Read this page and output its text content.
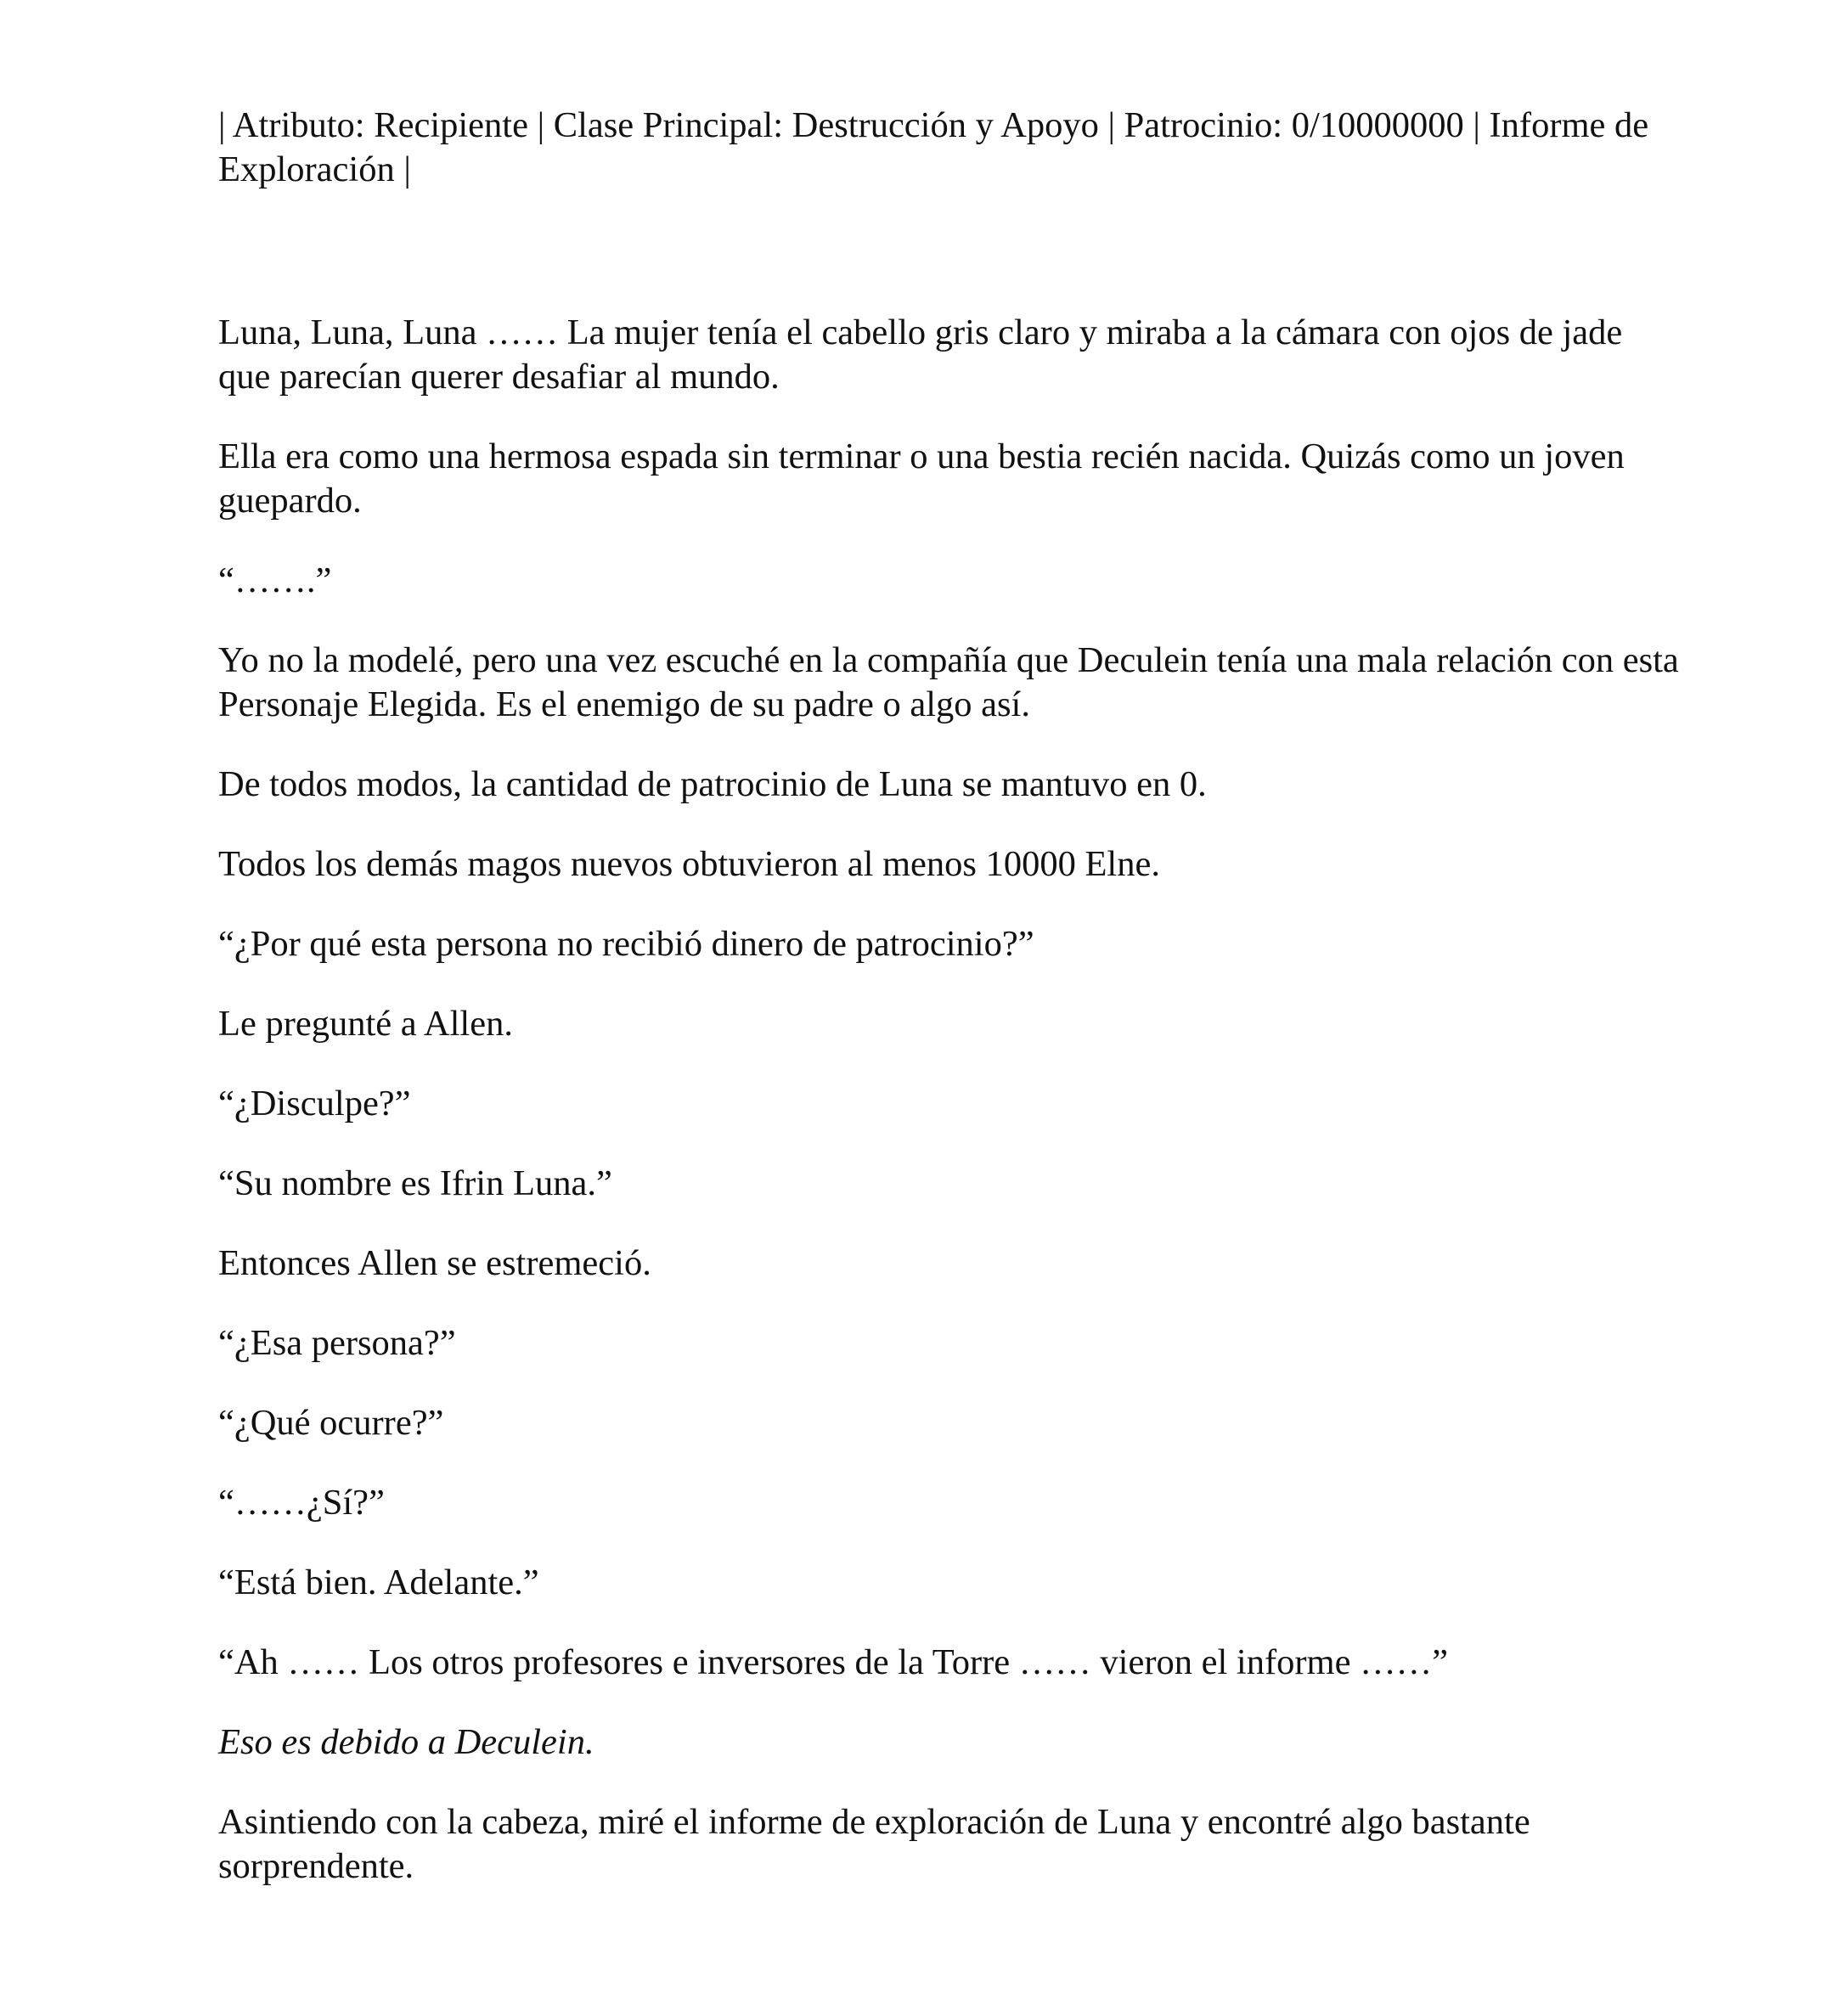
| Atributo: Recipiente | Clase Principal: Destrucción y Apoyo | Patrocinio: 0/10000000 | Informe de Exploración |

Luna, Luna, Luna …… La mujer tenía el cabello gris claro y miraba a la cámara con ojos de jade que parecían querer desafiar al mundo.

Ella era como una hermosa espada sin terminar o una bestia recién nacida. Quizás como un joven guepardo.

“…….”

Yo no la modelé, pero una vez escuché en la compañía que Deculein tenía una mala relación con esta Personaje Elegida. Es el enemigo de su padre o algo así.

De todos modos, la cantidad de patrocinio de Luna se mantuvo en 0.

Todos los demás magos nuevos obtuvieron al menos 10000 Elne.

“¿Por qué esta persona no recibió dinero de patrocinio?”

Le pregunté a Allen.

“¿Disculpe?”

“Su nombre es Ifrin Luna.”

Entonces Allen se estremeció.

“¿Esa persona?”

“¿Qué ocurre?”

“……¿Sí?”

“Está bien. Adelante.”

“Ah …… Los otros profesores e inversores de la Torre …… vieron el informe ……”

Eso es debido a Deculein.

Asintiendo con la cabeza, miré el informe de exploración de Luna y encontré algo bastante sorprendente.
